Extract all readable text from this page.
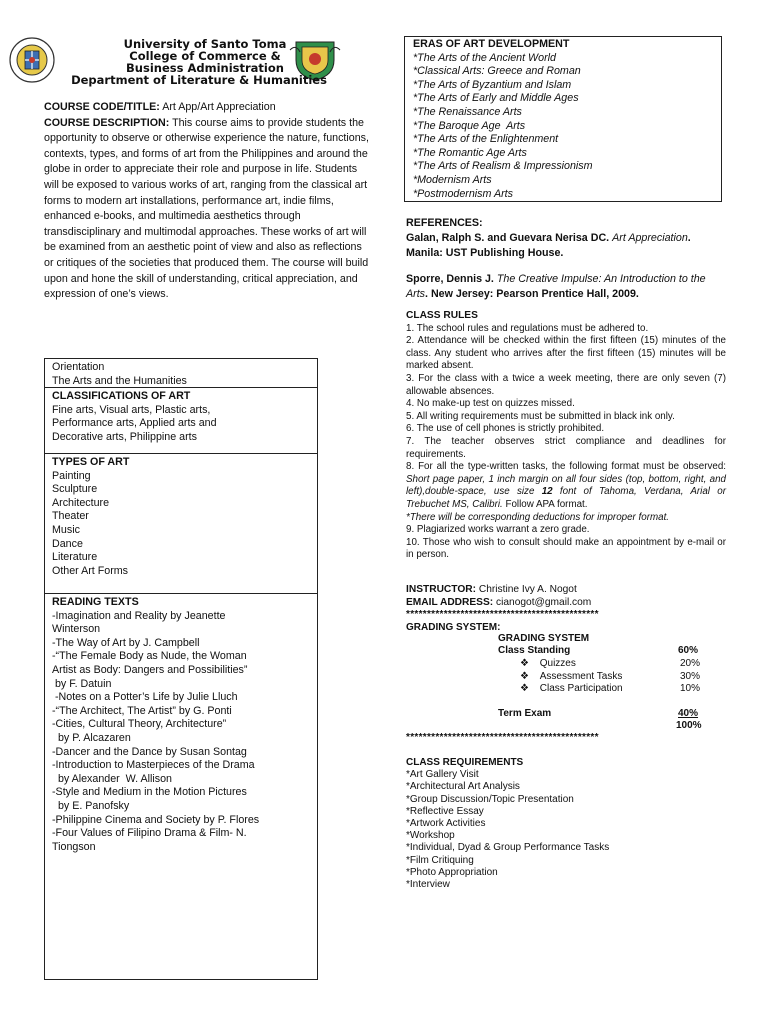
University of Santo Toma
College of Commerce &
Business Administration
Department of Literature & Humanities
COURSE CODE/TITLE: Art App/Art Appreciation
COURSE DESCRIPTION: This course aims to provide students the opportunity to observe or otherwise experience the nature, functions, contexts, types, and forms of art from the Philippines and around the globe in order to appreciate their role and purpose in life. Students will be exposed to various works of art, ranging from the classical art forms to modern art installations, performance art, indie films, enhanced e-books, and multimedia aesthetics through transdisciplinary and multimodal approaches. These works of art will be examined from an aesthetic point of view and also as reflections or critiques of the societies that produced them. The course will build upon and hone the skill of understanding, critical appreciation, and expression of one’s views.
Orientation
The Arts and the Humanities
CLASSIFICATIONS OF ART
Fine arts, Visual arts, Plastic arts,
Performance arts, Applied arts and
Decorative arts, Philippine arts
TYPES OF ART
Painting
Sculpture
Architecture
Theater
Music
Dance
Literature
Other Art Forms
READING TEXTS
-Imagination and Reality by Jeanette
Winterson
-The Way of Art by J. Campbell
-“The Female Body as Nude, the Woman
Artist as Body: Dangers and Possibilities”
by F. Datuin
-Notes on a Potter’s Life by Julie Lluch
-“The Architect, The Artist” by G. Ponti
-Cities, Cultural Theory, Architecture”
by P. Alcazaren
-Dancer and the Dance by Susan Sontag
-Introduction to Masterpieces of the Drama
by Alexander  W. Allison
-Style and Medium in the Motion Pictures
by E. Panofsky
-Philippine Cinema and Society by P. Flores
-Four Values of Filipino Drama & Film- N.
Tiongson
ERAS OF ART DEVELOPMENT
*The Arts of the Ancient World
*Classical Arts: Greece and Roman
*The Arts of Byzantium and Islam
*The Arts of Early and Middle Ages
*The Renaissance Arts
*The Baroque Age  Arts
*The Arts of the Enlightenment
*The Romantic Age Arts
*The Arts of Realism & Impressionism
*Modernism Arts
*Postmodernism Arts
REFERENCES:
Galan, Ralph S. and Guevara Nerisa DC. Art Appreciation. Manila: UST Publishing House.
Sporre, Dennis J. The Creative Impulse: An Introduction to the Arts. New Jersey: Pearson Prentice Hall, 2009.
CLASS RULES
1. The school rules and regulations must be adhered to.
2. Attendance will be checked within the first fifteen (15) minutes of the class. Any student who arrives after the first fifteen (15) minutes will be marked absent.
3. For the class with a twice a week meeting, there are only seven (7) allowable absences.
4. No make-up test on quizzes missed.
5. All writing requirements must be submitted in black ink only.
6. The use of cell phones is strictly prohibited.
7. The teacher observes strict compliance and deadlines for requirements.
8. For all the type-written tasks, the following format must be observed: Short page paper, 1 inch margin on all four sides (top, bottom, right, and left),double-space, use size 12 font of Tahoma, Verdana, Arial or Trebuchet MS, Calibri. Follow APA format.
*There will be corresponding deductions for improper format.
9. Plagiarized works warrant a zero grade.
10. Those who wish to consult should make an appointment by e-mail or in person.
INSTRUCTOR: Christine Ivy A. Nogot
EMAIL ADDRESS: cianogot@gmail.com
**********************************************
GRADING SYSTEM:
GRADING SYSTEM
Class Standing	60%
❖ Quizzes	20%
❖ Assessment Tasks	30%
❖ Class Participation	10%
Term Exam	40%
100%
**********************************************
CLASS REQUIREMENTS
*Art Gallery Visit
*Architectural Art Analysis
*Group Discussion/Topic Presentation
*Reflective Essay
*Artwork Activities
*Workshop
*Individual, Dyad & Group Performance Tasks
*Film Critiquing
*Photo Appropriation
*Interview
